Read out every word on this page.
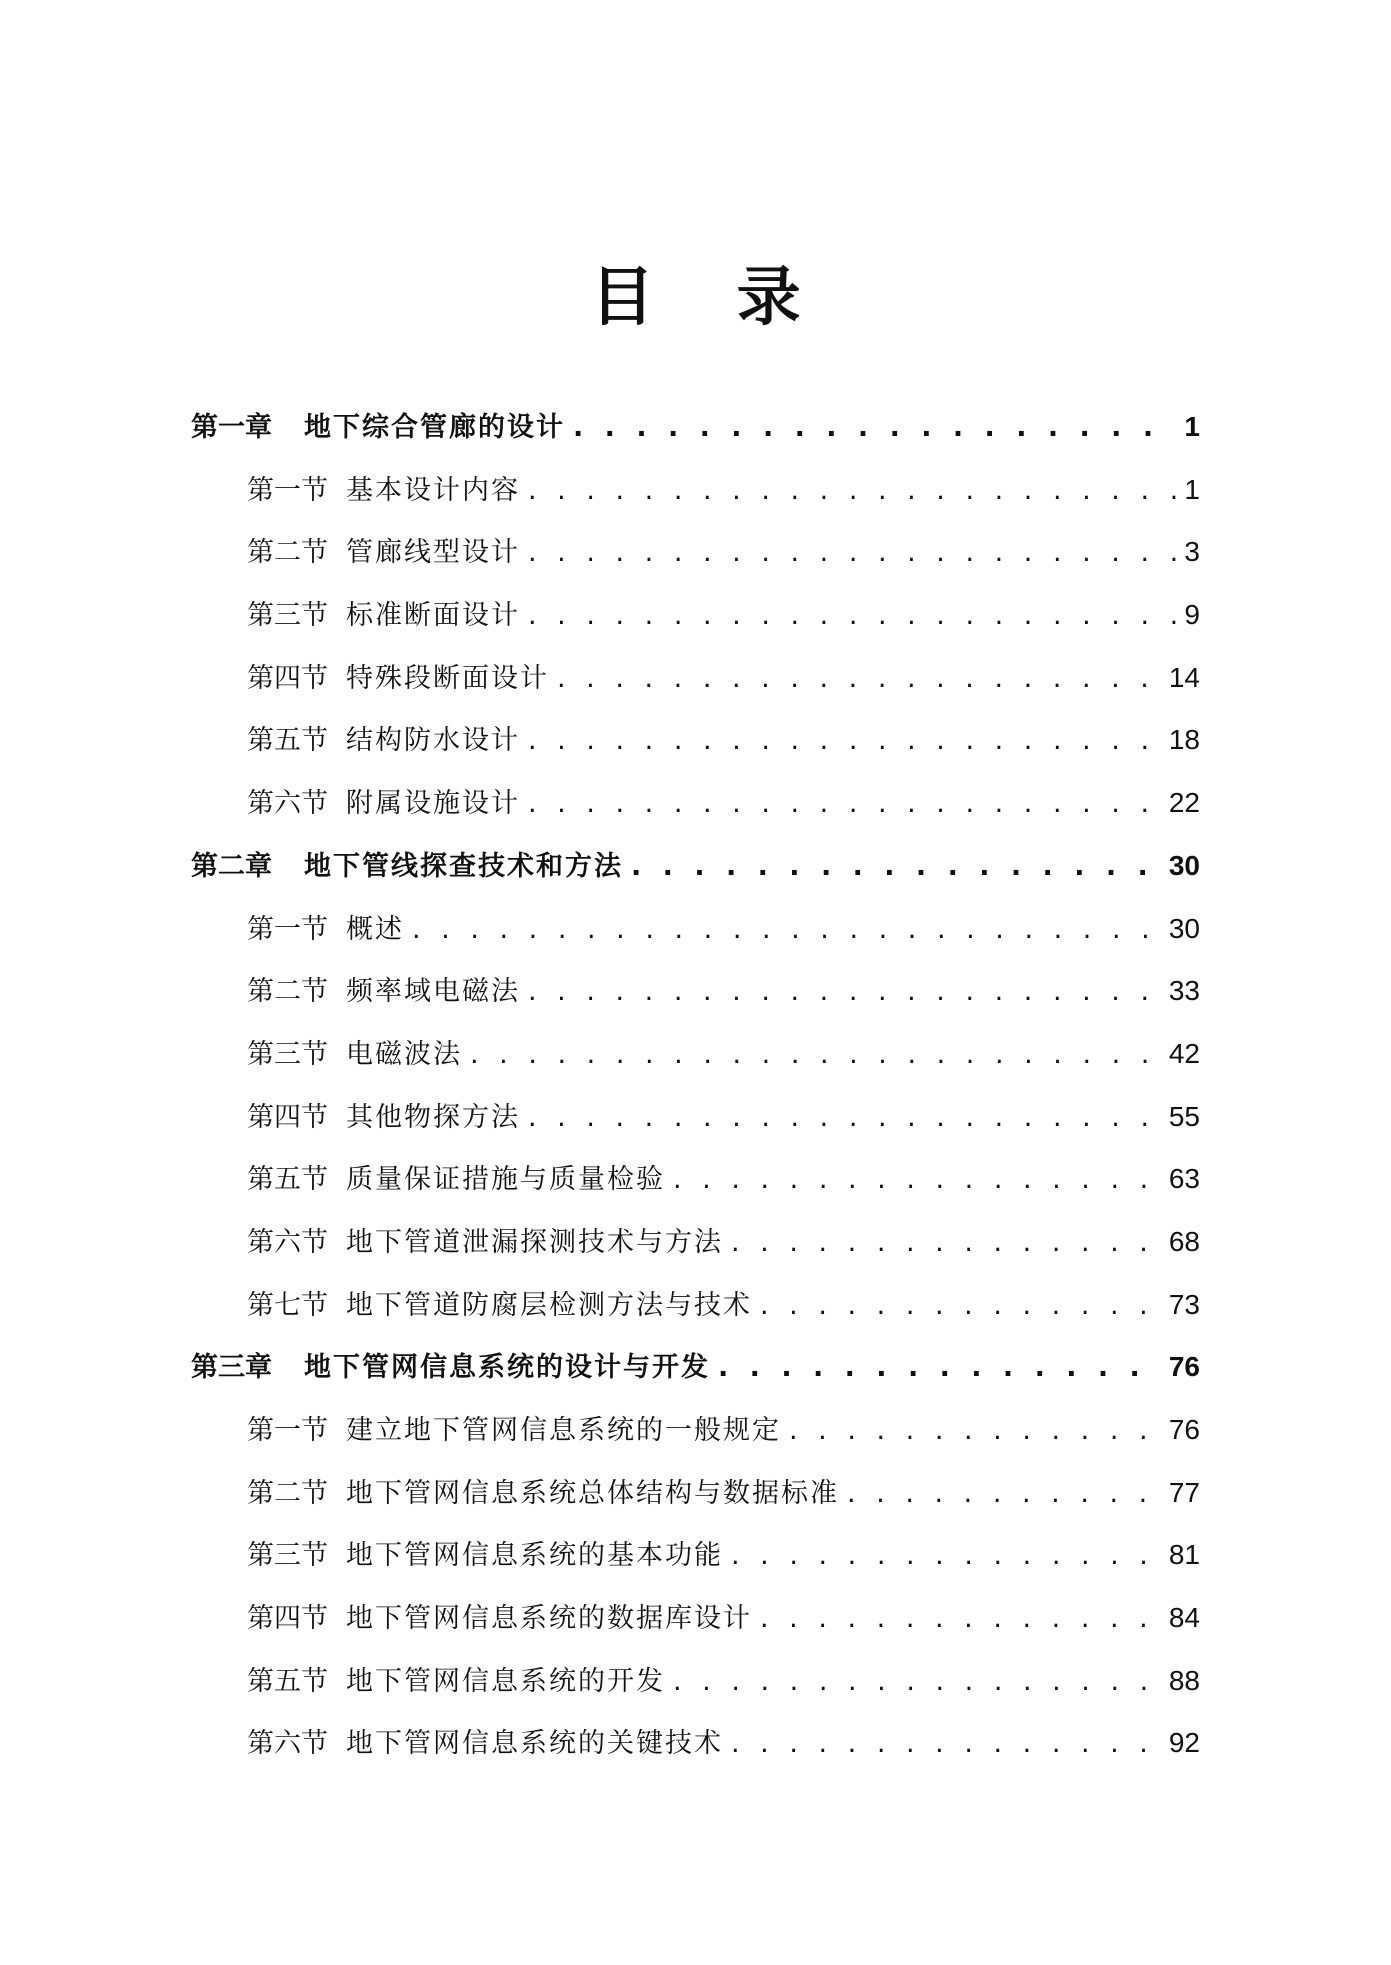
目 录
第一章 地下综合管廊的设计 . . .	1
第一节 基本设计内容 . . .	1
第二节 管廊线型设计 . . .	3
第三节 标准断面设计 . . .	9
第四节 特殊段断面设计 . . .	14
第五节 结构防水设计 . . .	18
第六节 附属设施设计 . . .	22
第二章 地下管线探查技术和方法 . . .	30
第一节 概述 . . .	30
第二节 频率域电磁法 . . .	33
第三节 电磁波法 . . .	42
第四节 其他物探方法 . . .	55
第五节 质量保证措施与质量检验 . . .	63
第六节 地下管道泄漏探测技术与方法 . . .	68
第七节 地下管道防腐层检测方法与技术 . . .	73
第三章 地下管网信息系统的设计与开发 . . .	76
第一节 建立地下管网信息系统的一般规定 . . .	76
第二节 地下管网信息系统总体结构与数据标准 . . .	77
第三节 地下管网信息系统的基本功能 . . .	81
第四节 地下管网信息系统的数据库设计 . . .	84
第五节 地下管网信息系统的开发 . . .	88
第六节 地下管网信息系统的关键技术 . . .	92
